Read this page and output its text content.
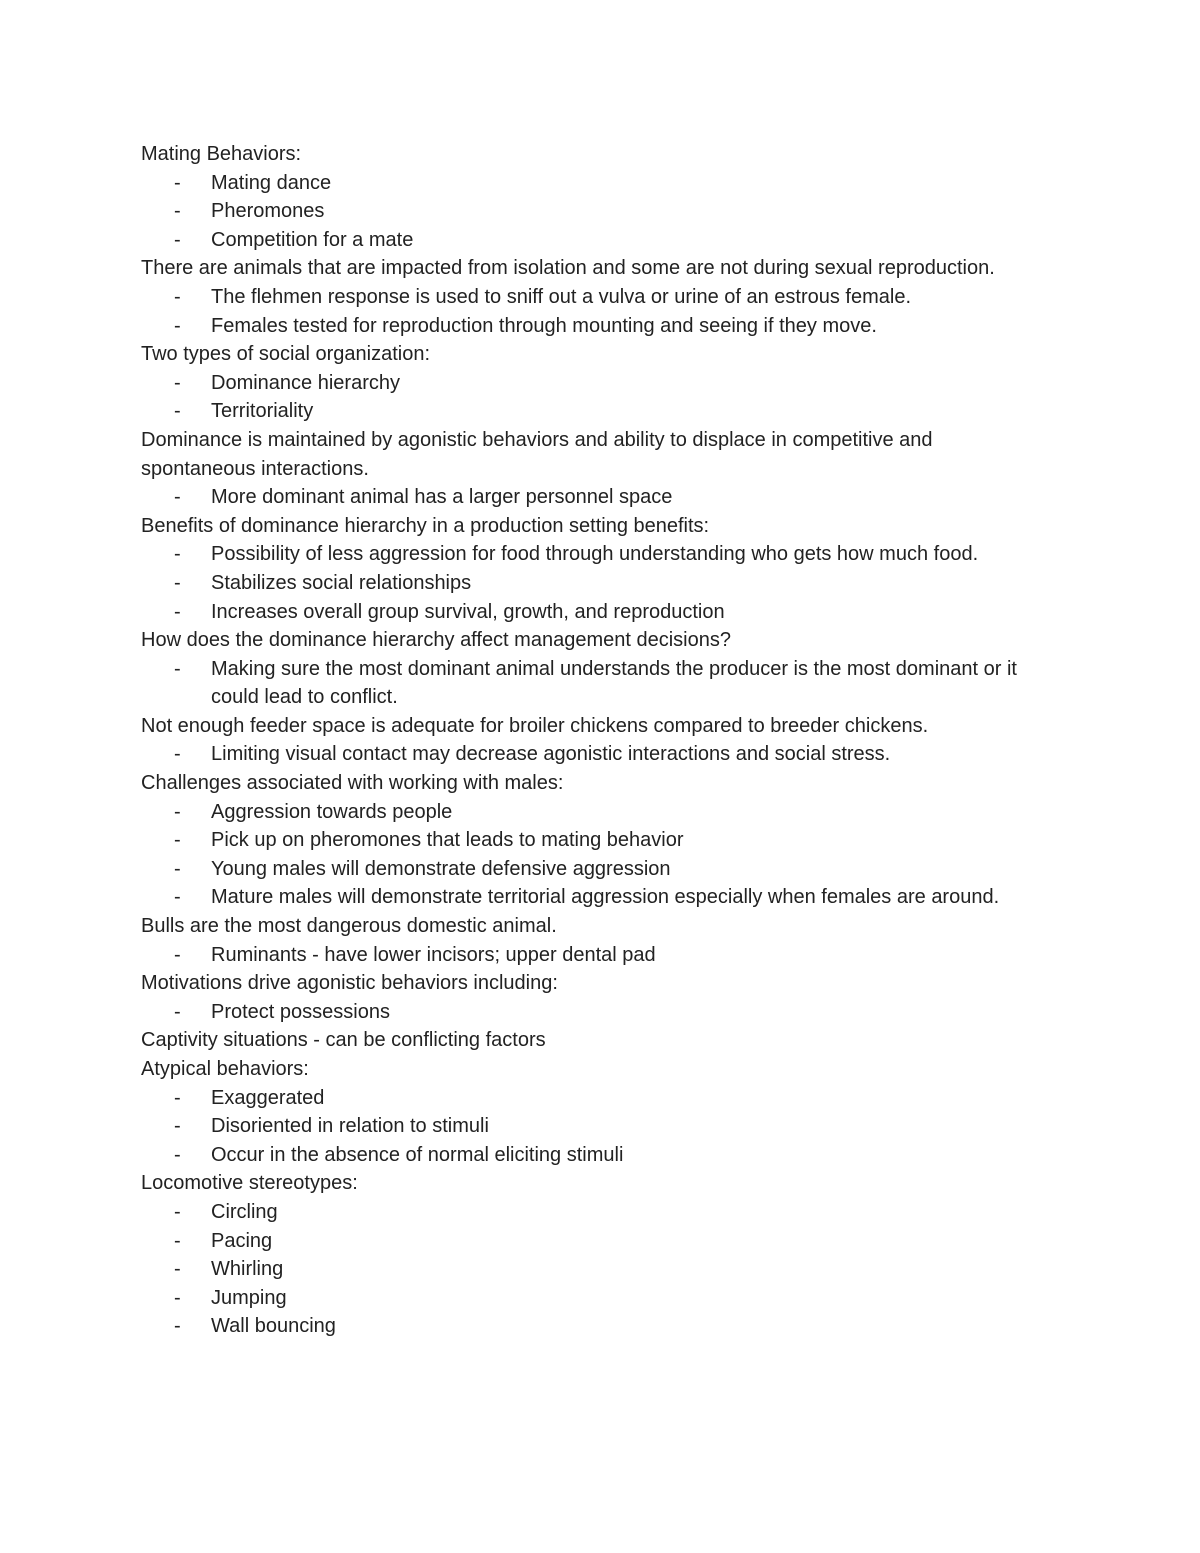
Mating Behaviors:

- Mating dance
- Pheromones
- Competition for a mate

There are animals that are impacted from isolation and some are not during sexual reproduction.

- The flehmen response is used to sniff out a vulva or urine of an estrous female.
- Females tested for reproduction through mounting and seeing if they move.

Two types of social organization:

- Dominance hierarchy
- Territoriality

Dominance is maintained by agonistic behaviors and ability to displace in competitive and spontaneous interactions.

- More dominant animal has a larger personnel space

Benefits of dominance hierarchy in a production setting benefits:

- Possibility of less aggression for food through understanding who gets how much food.
- Stabilizes social relationships
- Increases overall group survival, growth, and reproduction

How does the dominance hierarchy affect management decisions?

- Making sure the most dominant animal understands the producer is the most dominant or it could lead to conflict.

Not enough feeder space is adequate for broiler chickens compared to breeder chickens.

- Limiting visual contact may decrease agonistic interactions and social stress.

Challenges associated with working with males:

- Aggression towards people
- Pick up on pheromones that leads to mating behavior
- Young males will demonstrate defensive aggression
- Mature males will demonstrate territorial aggression especially when females are around.

Bulls are the most dangerous domestic animal.

- Ruminants - have lower incisors; upper dental pad

Motivations drive agonistic behaviors including:

- Protect possessions

Captivity situations - can be conflicting factors

Atypical behaviors:

- Exaggerated
- Disoriented in relation to stimuli
- Occur in the absence of normal eliciting stimuli

Locomotive stereotypes:

- Circling
- Pacing
- Whirling
- Jumping
- Wall bouncing
